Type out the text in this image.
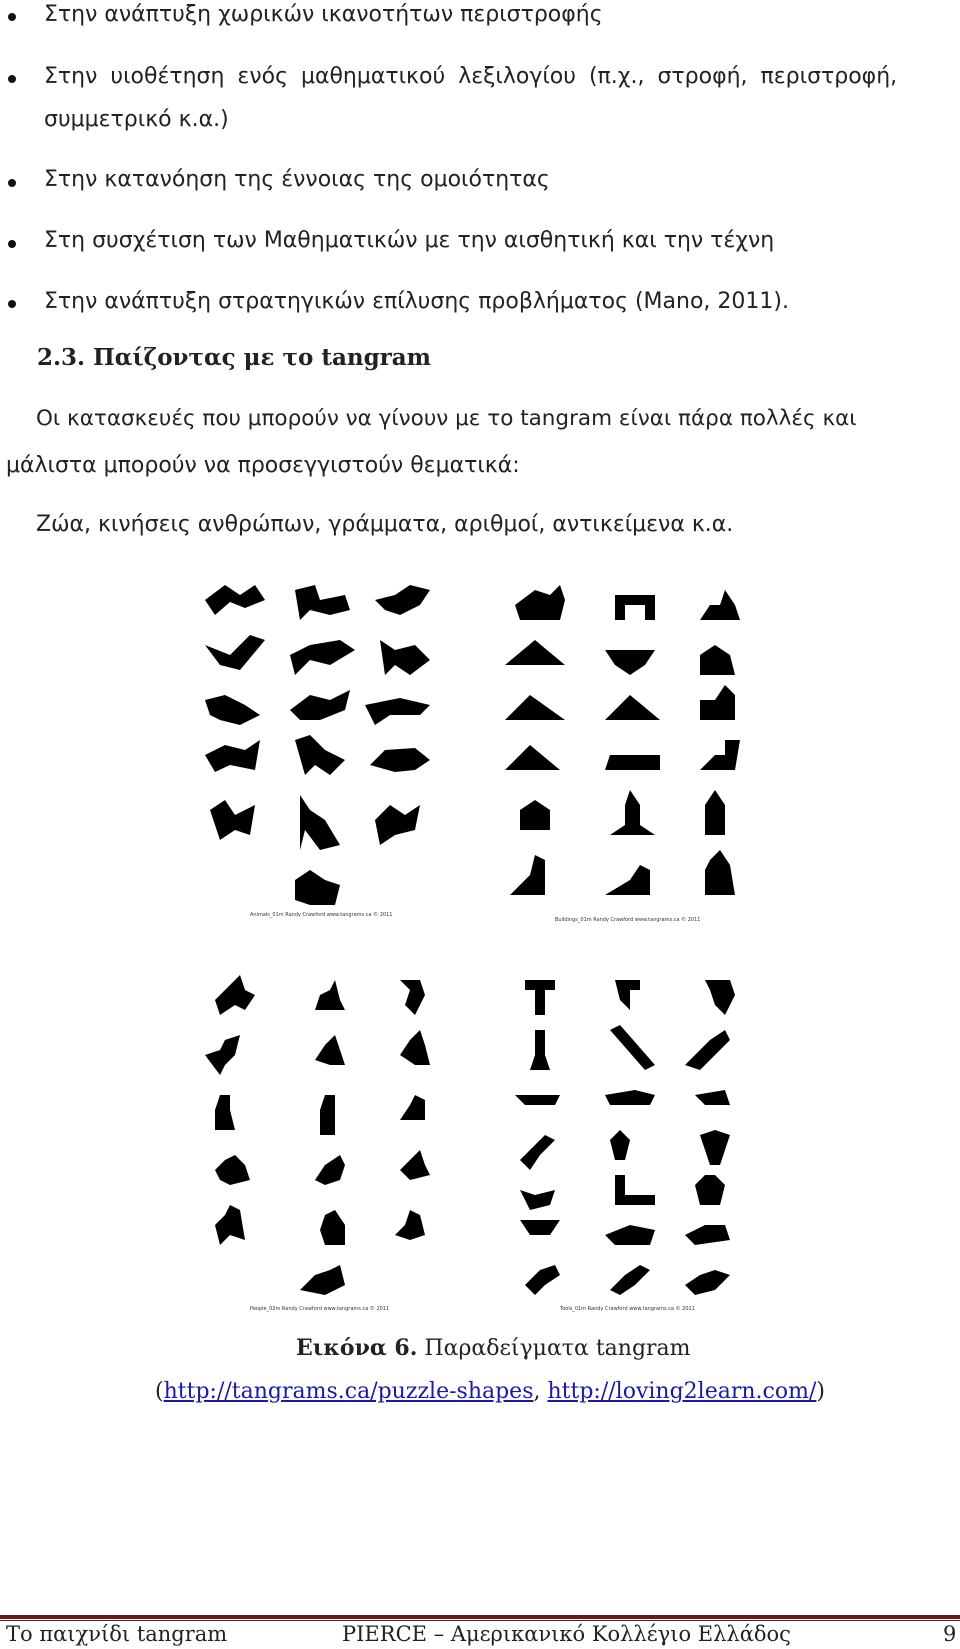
Στην ανάπτυξη χωρικών ικανοτήτων περιστροφής
Στην υιοθέτηση ενός μαθηματικού λεξιλογίου (π.χ., στροφή, περιστροφή,
συμμετρικό κ.α.)
Στην κατανόηση της έννοιας της ομοιότητας
Στη συσχέτιση των Μαθηματικών με την αισθητική και την τέχνη
Στην ανάπτυξη στρατηγικών επίλυσης προβλήματος (Mano, 2011).
2.3. Παίζοντας με το tangram
Οι κατασκευές που μπορούν να γίνουν με το tangram είναι πάρα πολλές και
μάλιστα μπορούν να προσεγγιστούν θεματικά:
Ζώα, κινήσεις ανθρώπων, γράμματα, αριθμοί, αντικείμενα κ.α.
Animals_01m Randy Crawford www.tangrams.ca © 2011
Buildings_01m Randy Crawford www.tangrams.ca © 2011
People_02m Randy Crawford www.tangrams.ca © 2011	Tools_01m Randy Crawford www.tangrams.ca © 2011
Εικόνα 6. Παραδείγματα tangram
(http://tangrams.ca/puzzle-shapes, http://loving2learn.com/)
Το παιχνίδι tangram	PIERCE – Αμερικανικό Κολλέγιο Ελλάδος	9
